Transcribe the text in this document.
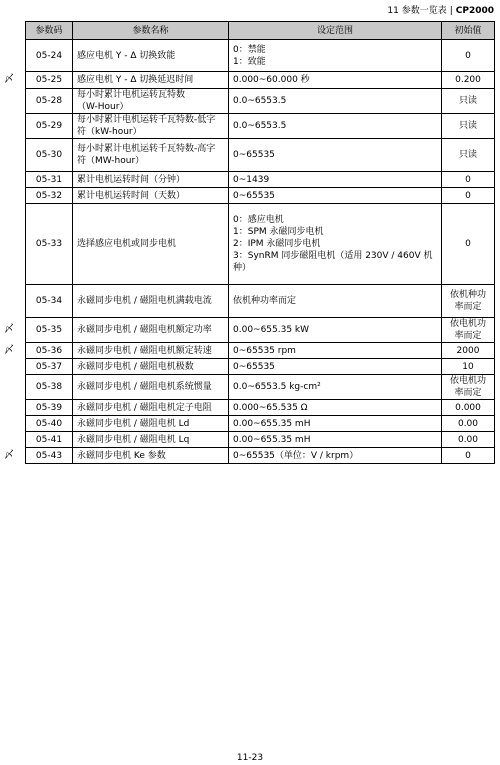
11 参数一览表 | CP2000
参数码	参数名称	设定范围	初始值
05-24	感应电机 Y - ∆ 切换致能	0：禁能
1：致能	0

05-25	感应电机 Y - ∆ 切换延迟时间	0.000~60.000 秒	0.200

05-28	每小时累计电机运转瓦特数
（W-Hour）	0.0~6553.5	只读

05-29	每小时累计电机运转千瓦特数-低字
符（kW-hour）	0.0~6553.5	只读

05-30	每小时累计电机运转千瓦特数-高字
符（MW-hour）	0~65535	只读

05-31	累计电机运转时间（分钟）	0~1439	0

05-32	累计电机运转时间（天数）	0~65535	0

05-33	选择感应电机或同步电机	0：感应电机
1：SPM 永磁同步电机
2：IPM 永磁同步电机
3：SynRM 同步磁阻电机（适用 230V / 460V 机
种）	0

05-34	永磁同步电机 / 磁阻电机满载电流	依机种功率而定	依机种功
率而定

05-35	永磁同步电机 / 磁阻电机额定功率	0.00~655.35 kW	依电机功
率而定

05-36	永磁同步电机 / 磁阻电机额定转速	0~65535 rpm	2000

05-37	永磁同步电机 / 磁阻电机极数	0~65535	10

05-38	永磁同步电机 / 磁阻电机系统惯量	0.0~6553.5 kg-cm²	依电机功
率而定

05-39	永磁同步电机 / 磁阻电机定子电阻	0.000~65.535 Ω	0.000

05-40	永磁同步电机 / 磁阻电机 Ld	0.00~655.35 mH	0.00

05-41	永磁同步电机 / 磁阻电机 Lq	0.00~655.35 mH	0.00

05-43	永磁同步电机 Ke 参数	0~65535（单位：V / krpm）	0
〆
〆
〆
〆
11-23
